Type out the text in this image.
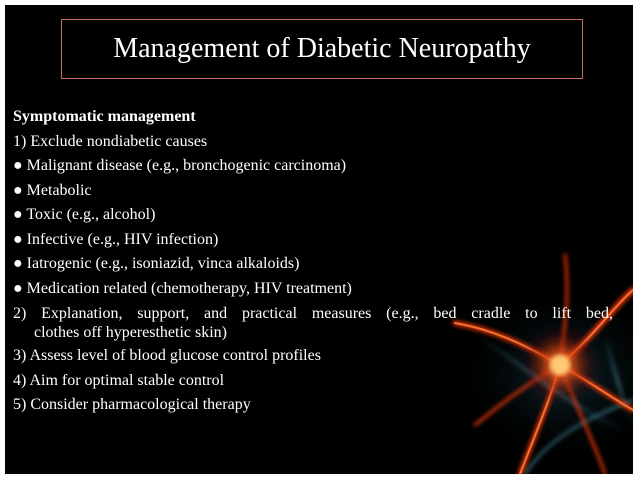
Management of Diabetic Neuropathy
Symptomatic management
1) Exclude nondiabetic causes
● Malignant disease (e.g., bronchogenic carcinoma)
● Metabolic
● Toxic (e.g., alcohol)
● Infective (e.g., HIV infection)
● Iatrogenic (e.g., isoniazid, vinca alkaloids)
● Medication related (chemotherapy, HIV treatment)
2) Explanation, support, and practical measures (e.g., bed cradle to lift bed,
clothes off hyperesthetic skin)
3) Assess level of blood glucose control profiles
4) Aim for optimal stable control
5) Consider pharmacological therapy
